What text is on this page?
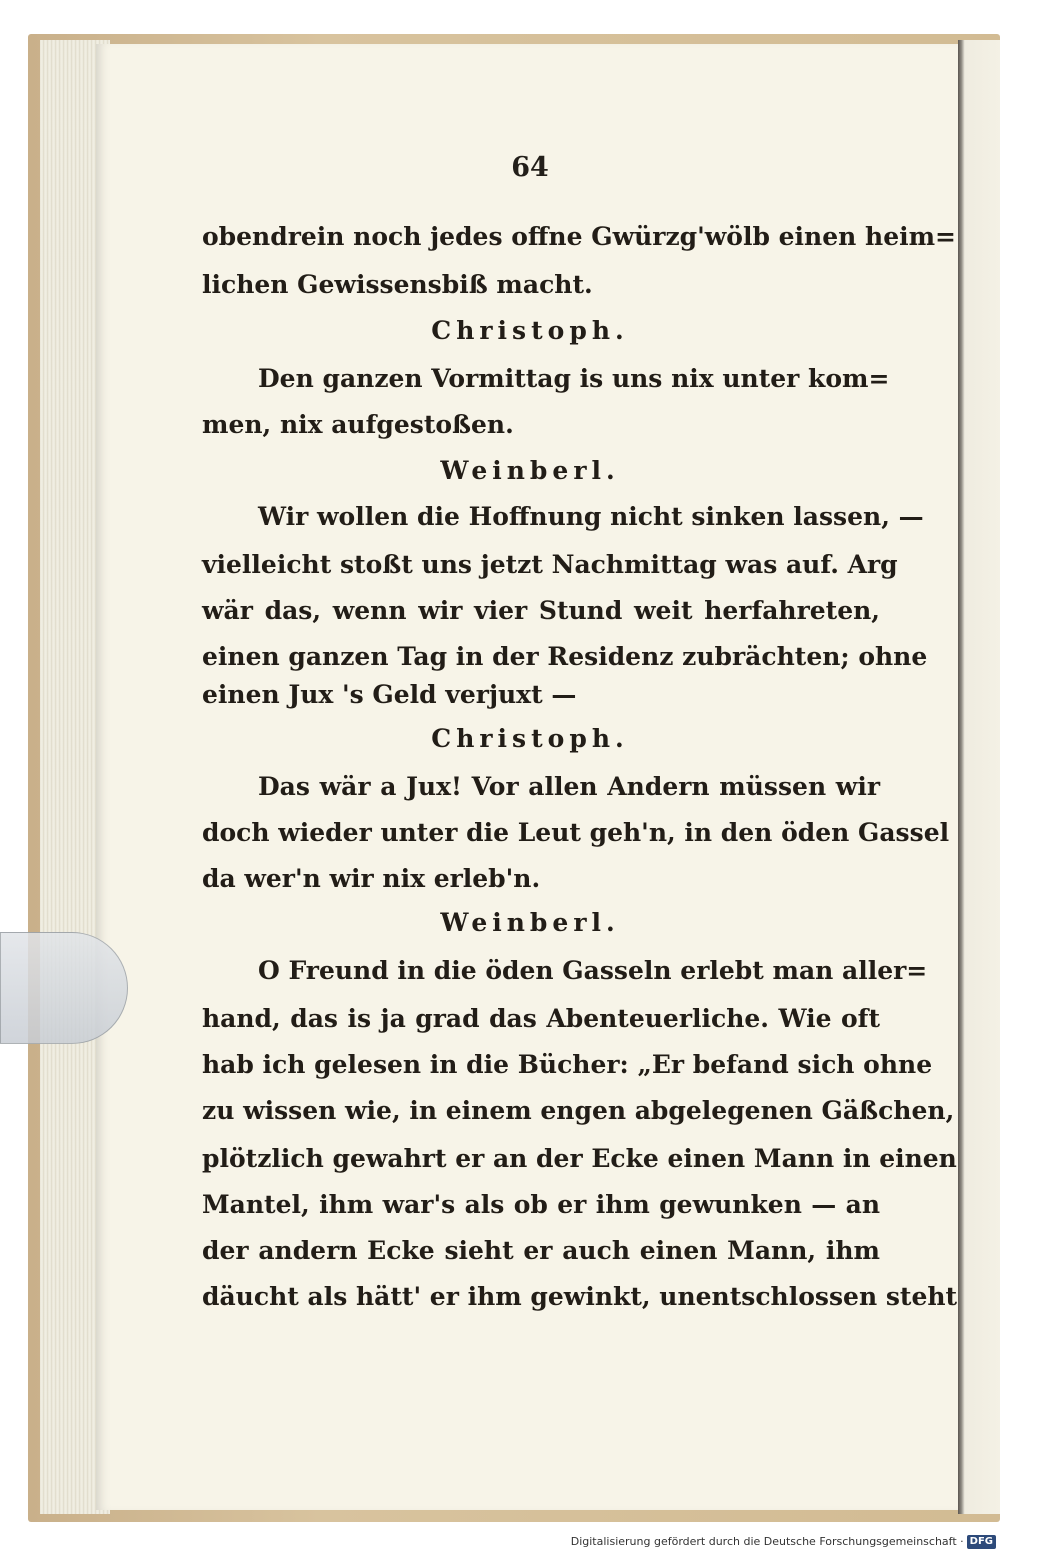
64
obendrein noch jedes offne Gwürzg'wölb einen heim=
lichen Gewissensbiß macht.
Christoph.
Den ganzen Vormittag is uns nix unter kom=
men, nix aufgestoßen.
Weinberl.
Wir wollen die Hoffnung nicht sinken lassen, —
vielleicht stoßt uns jetzt Nachmittag was auf. Arg
wär das, wenn wir vier Stund weit herfahreten,
einen ganzen Tag in der Residenz zubrächten; ohne
einen Jux 's Geld verjuxt —
Christoph.
Das wär a Jux! Vor allen Andern müssen wir
doch wieder unter die Leut geh'n, in den öden Gassel
da wer'n wir nix erleb'n.
Weinberl.
O Freund in die öden Gasseln erlebt man aller=
hand, das is ja grad das Abenteuerliche. Wie oft
hab ich gelesen in die Bücher: „Er befand sich ohne
zu wissen wie, in einem engen abgelegenen Gäßchen,
plötzlich gewahrt er an der Ecke einen Mann in einen
Mantel, ihm war's als ob er ihm gewunken — an
der andern Ecke sieht er auch einen Mann, ihm
däucht als hätt' er ihm gewinkt, unentschlossen steht
Digitalisierung gefördert durch die Deutsche Forschungsgemeinschaft · DFG
